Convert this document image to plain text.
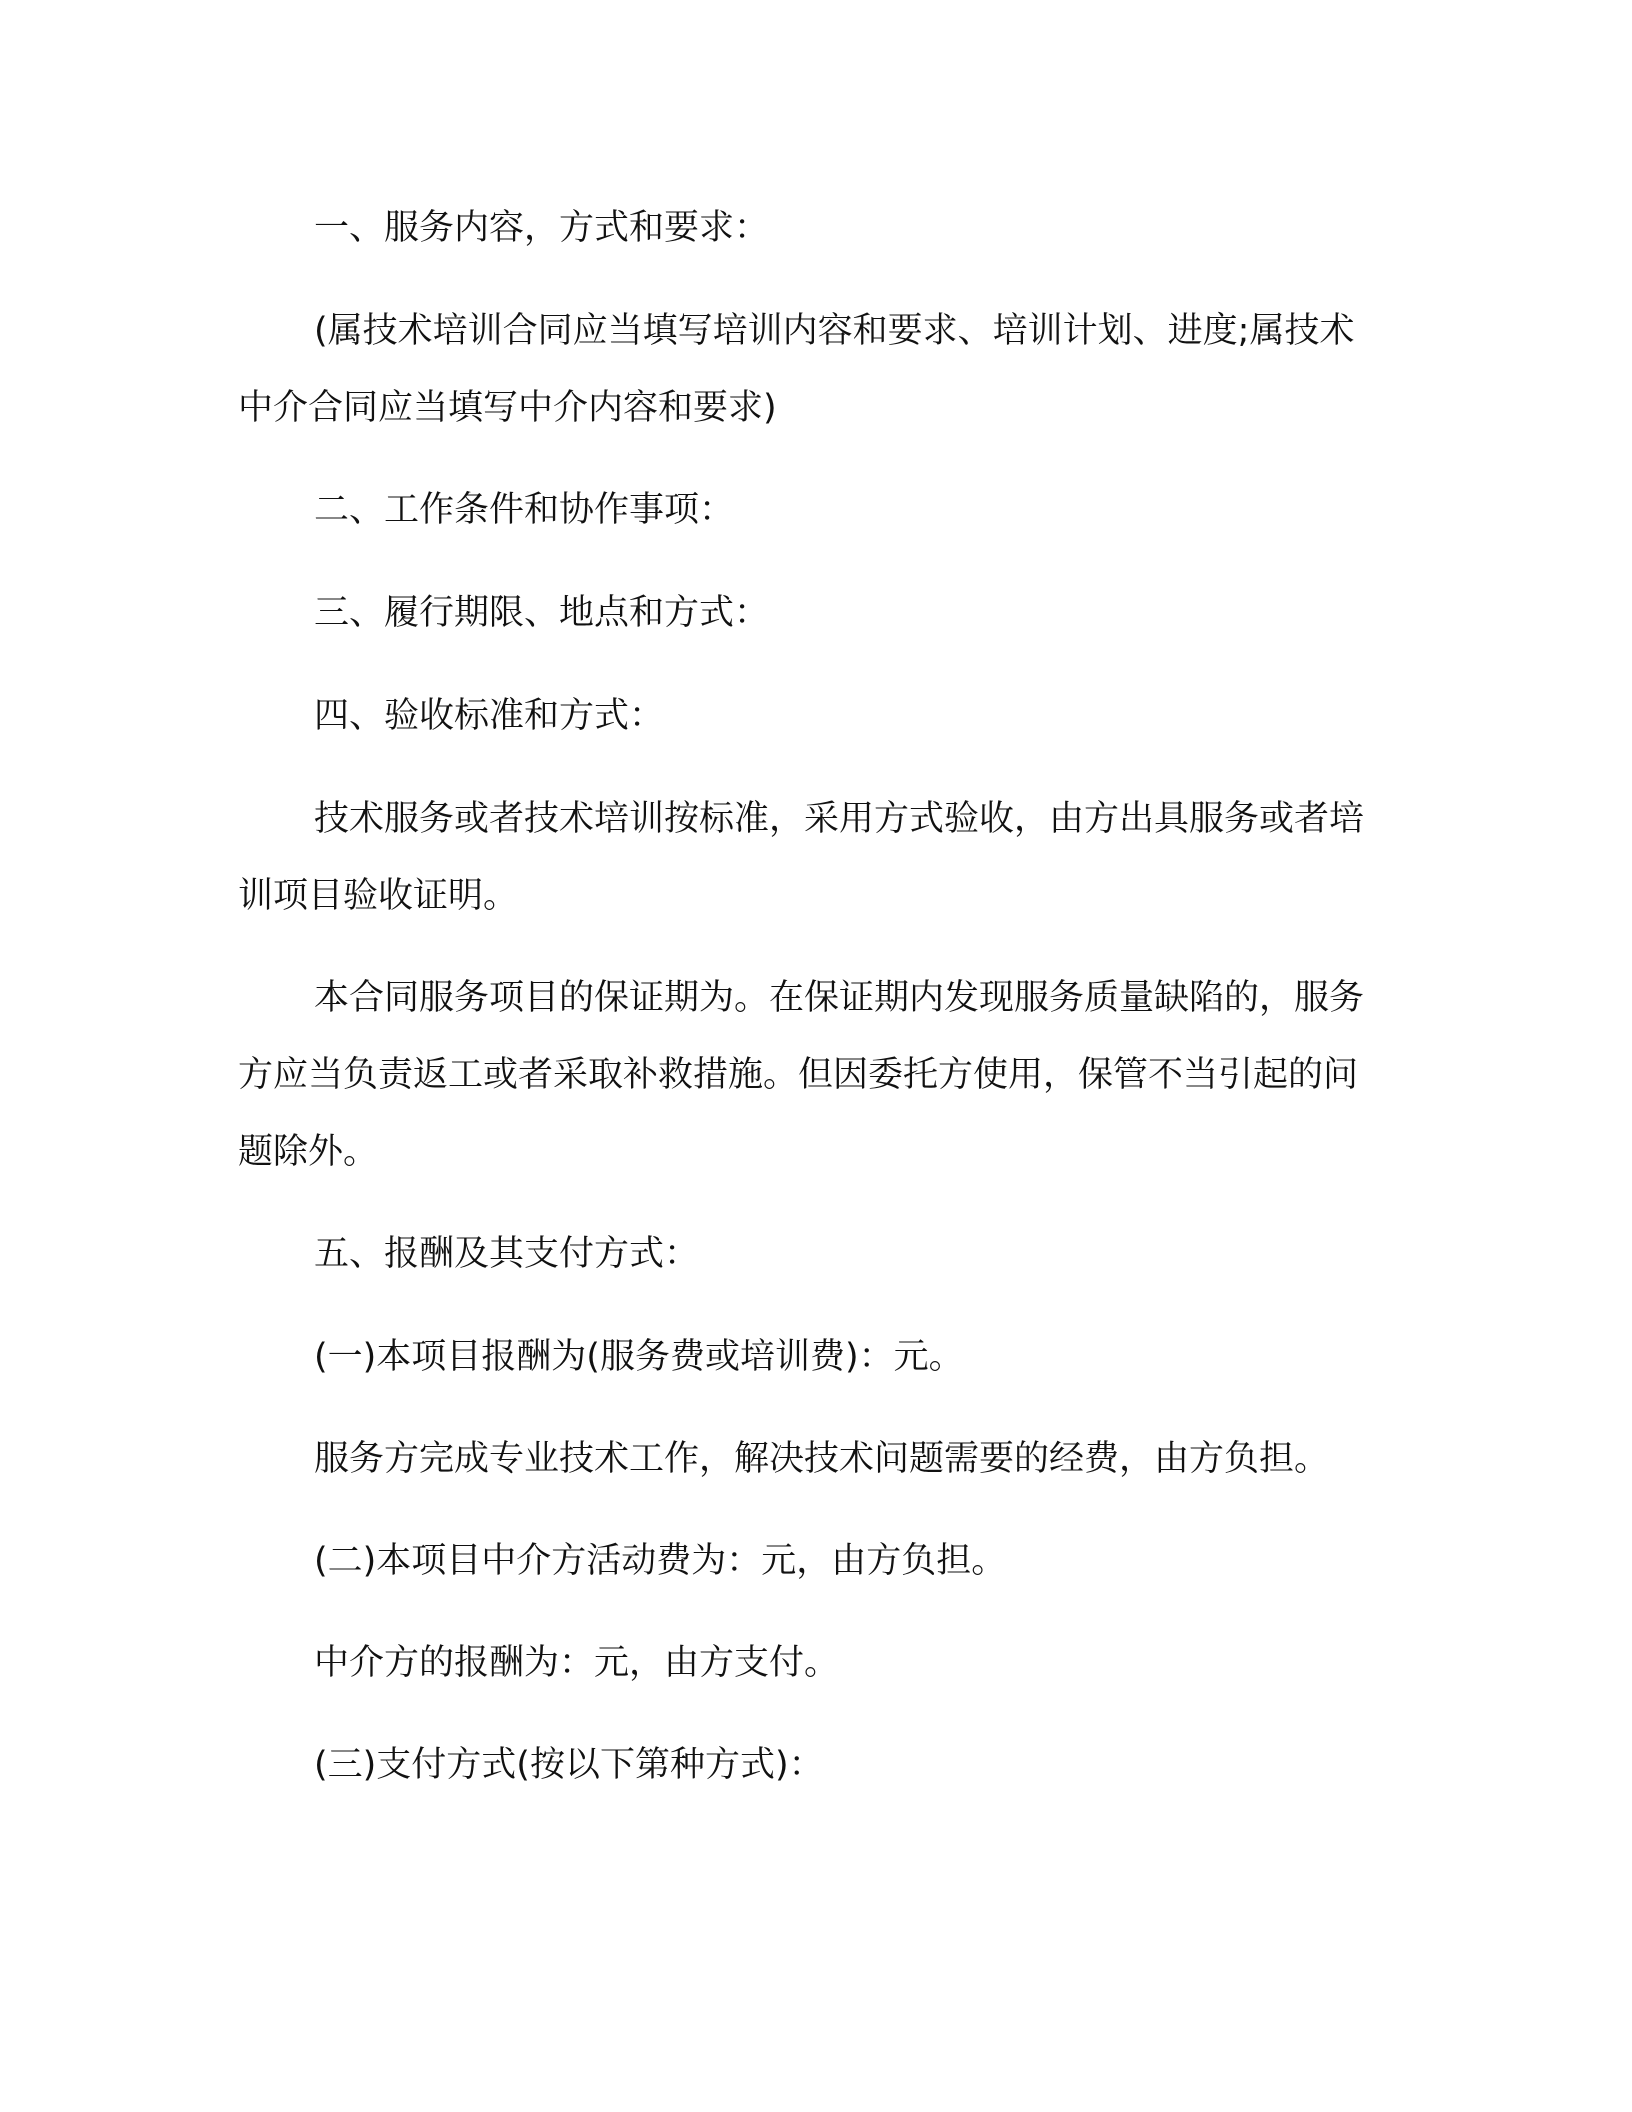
一、服务内容，方式和要求：

(属技术培训合同应当填写培训内容和要求、培训计划、进度;属技术中介合同应当填写中介内容和要求)

二、工作条件和协作事项：

三、履行期限、地点和方式：

四、验收标准和方式：

技术服务或者技术培训按标准，采用方式验收，由方出具服务或者培训项目验收证明。

本合同服务项目的保证期为。在保证期内发现服务质量缺陷的，服务方应当负责返工或者采取补救措施。但因委托方使用，保管不当引起的问题除外。

五、报酬及其支付方式：

(一)本项目报酬为(服务费或培训费)：元。

服务方完成专业技术工作，解决技术问题需要的经费，由方负担。

(二)本项目中介方活动费为：元，由方负担。

中介方的报酬为：元，由方支付。

(三)支付方式(按以下第种方式)：
